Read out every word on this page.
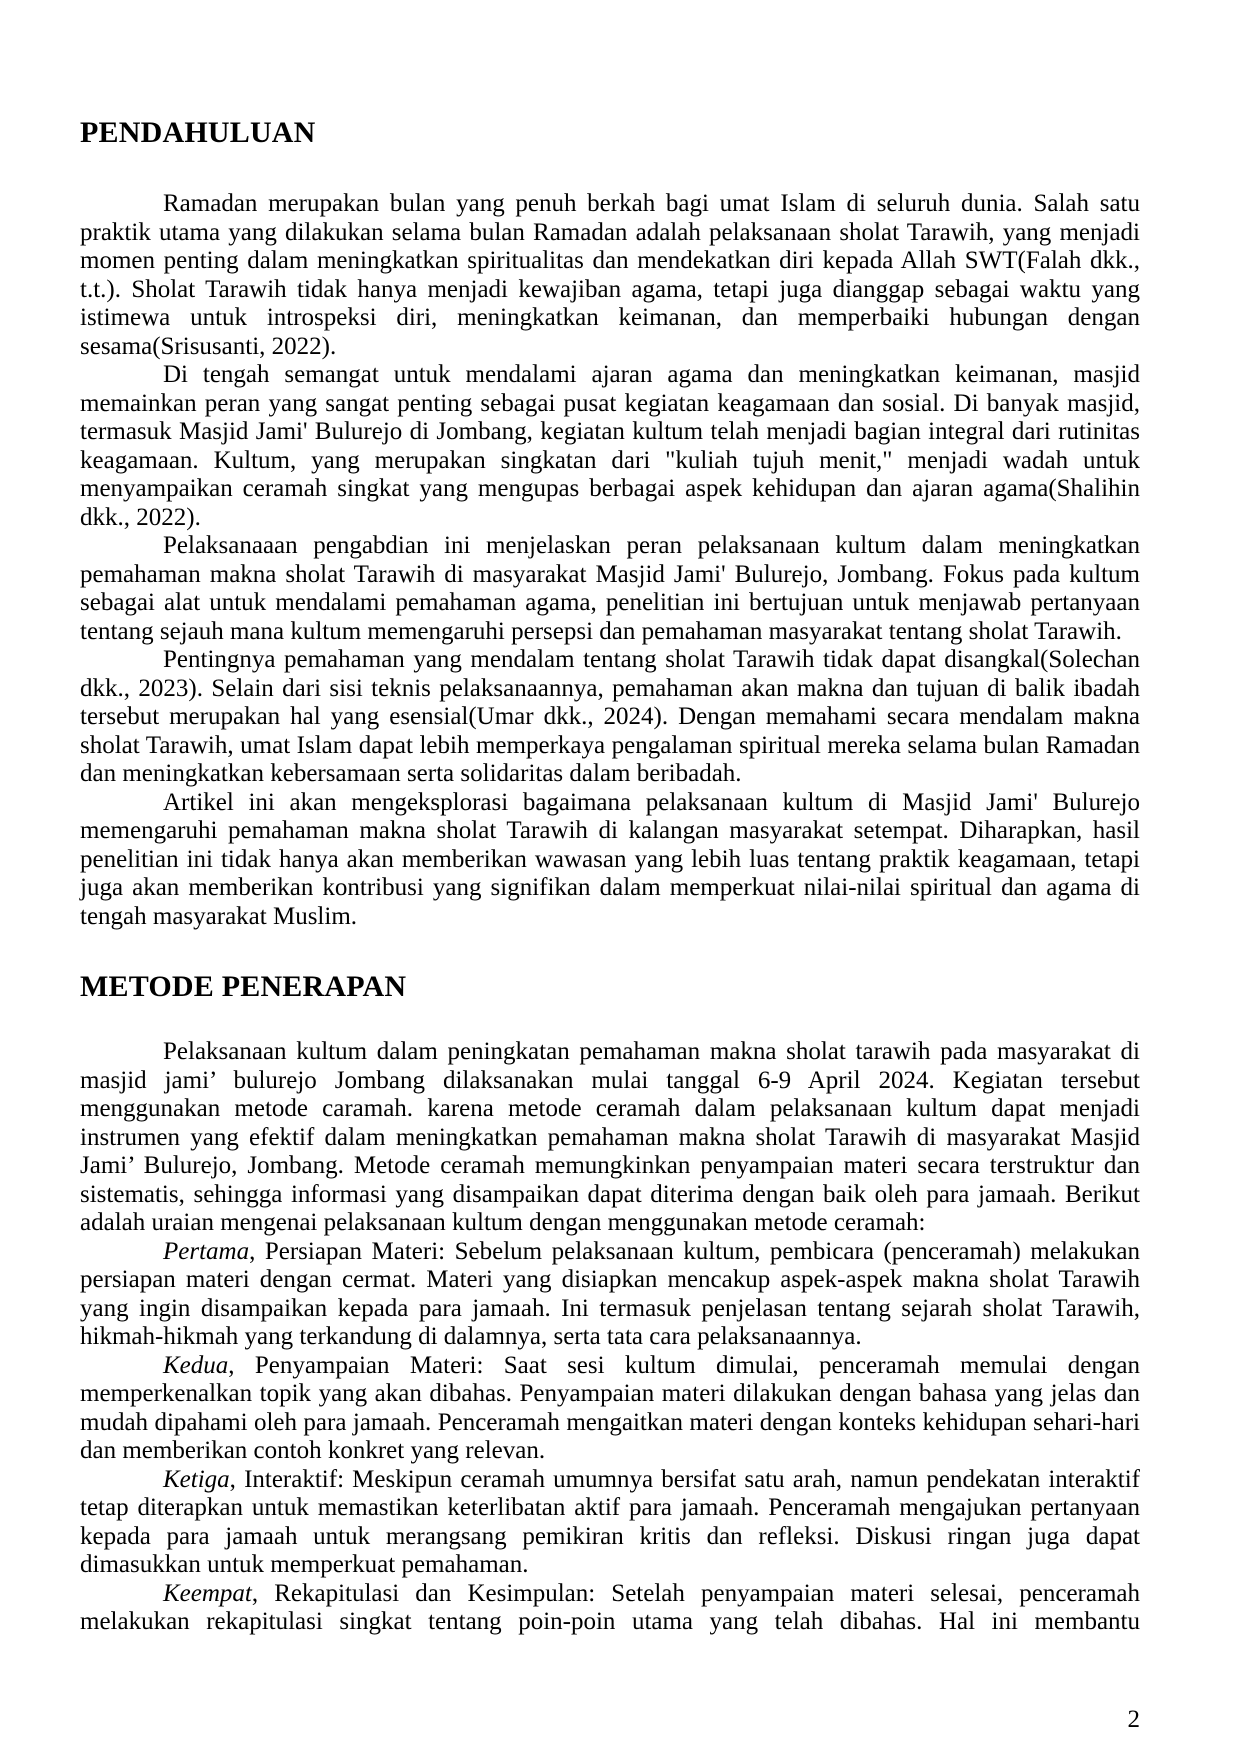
PENDAHULUAN

Ramadan merupakan bulan yang penuh berkah bagi umat Islam di seluruh dunia. Salah satu praktik utama yang dilakukan selama bulan Ramadan adalah pelaksanaan sholat Tarawih, yang menjadi momen penting dalam meningkatkan spiritualitas dan mendekatkan diri kepada Allah SWT(Falah dkk., t.t.). Sholat Tarawih tidak hanya menjadi kewajiban agama, tetapi juga dianggap sebagai waktu yang istimewa untuk introspeksi diri, meningkatkan keimanan, dan memperbaiki hubungan dengan sesama(Srisusanti, 2022).

Di tengah semangat untuk mendalami ajaran agama dan meningkatkan keimanan, masjid memainkan peran yang sangat penting sebagai pusat kegiatan keagamaan dan sosial. Di banyak masjid, termasuk Masjid Jami' Bulurejo di Jombang, kegiatan kultum telah menjadi bagian integral dari rutinitas keagamaan. Kultum, yang merupakan singkatan dari "kuliah tujuh menit," menjadi wadah untuk menyampaikan ceramah singkat yang mengupas berbagai aspek kehidupan dan ajaran agama(Shalihin dkk., 2022).

Pelaksanaaan pengabdian ini menjelaskan peran pelaksanaan kultum dalam meningkatkan pemahaman makna sholat Tarawih di masyarakat Masjid Jami' Bulurejo, Jombang. Fokus pada kultum sebagai alat untuk mendalami pemahaman agama, penelitian ini bertujuan untuk menjawab pertanyaan tentang sejauh mana kultum memengaruhi persepsi dan pemahaman masyarakat tentang sholat Tarawih.

Pentingnya pemahaman yang mendalam tentang sholat Tarawih tidak dapat disangkal(Solechan dkk., 2023). Selain dari sisi teknis pelaksanaannya, pemahaman akan makna dan tujuan di balik ibadah tersebut merupakan hal yang esensial(Umar dkk., 2024). Dengan memahami secara mendalam makna sholat Tarawih, umat Islam dapat lebih memperkaya pengalaman spiritual mereka selama bulan Ramadan dan meningkatkan kebersamaan serta solidaritas dalam beribadah.

Artikel ini akan mengeksplorasi bagaimana pelaksanaan kultum di Masjid Jami' Bulurejo memengaruhi pemahaman makna sholat Tarawih di kalangan masyarakat setempat. Diharapkan, hasil penelitian ini tidak hanya akan memberikan wawasan yang lebih luas tentang praktik keagamaan, tetapi juga akan memberikan kontribusi yang signifikan dalam memperkuat nilai-nilai spiritual dan agama di tengah masyarakat Muslim.

METODE PENERAPAN

Pelaksanaan kultum dalam peningkatan pemahaman makna sholat tarawih pada masyarakat di masjid jami’ bulurejo Jombang dilaksanakan mulai tanggal 6-9 April 2024. Kegiatan tersebut menggunakan metode caramah. karena metode ceramah dalam pelaksanaan kultum dapat menjadi instrumen yang efektif dalam meningkatkan pemahaman makna sholat Tarawih di masyarakat Masjid Jami’ Bulurejo, Jombang. Metode ceramah memungkinkan penyampaian materi secara terstruktur dan sistematis, sehingga informasi yang disampaikan dapat diterima dengan baik oleh para jamaah. Berikut adalah uraian mengenai pelaksanaan kultum dengan menggunakan metode ceramah:

Pertama, Persiapan Materi: Sebelum pelaksanaan kultum, pembicara (penceramah) melakukan persiapan materi dengan cermat. Materi yang disiapkan mencakup aspek-aspek makna sholat Tarawih yang ingin disampaikan kepada para jamaah. Ini termasuk penjelasan tentang sejarah sholat Tarawih, hikmah-hikmah yang terkandung di dalamnya, serta tata cara pelaksanaannya.

Kedua, Penyampaian Materi: Saat sesi kultum dimulai, penceramah memulai dengan memperkenalkan topik yang akan dibahas. Penyampaian materi dilakukan dengan bahasa yang jelas dan mudah dipahami oleh para jamaah. Penceramah mengaitkan materi dengan konteks kehidupan sehari-hari dan memberikan contoh konkret yang relevan.

Ketiga, Interaktif: Meskipun ceramah umumnya bersifat satu arah, namun pendekatan interaktif tetap diterapkan untuk memastikan keterlibatan aktif para jamaah. Penceramah mengajukan pertanyaan kepada para jamaah untuk merangsang pemikiran kritis dan refleksi. Diskusi ringan juga dapat dimasukkan untuk memperkuat pemahaman.

Keempat, Rekapitulasi dan Kesimpulan: Setelah penyampaian materi selesai, penceramah melakukan rekapitulasi singkat tentang poin-poin utama yang telah dibahas. Hal ini membantu

2
